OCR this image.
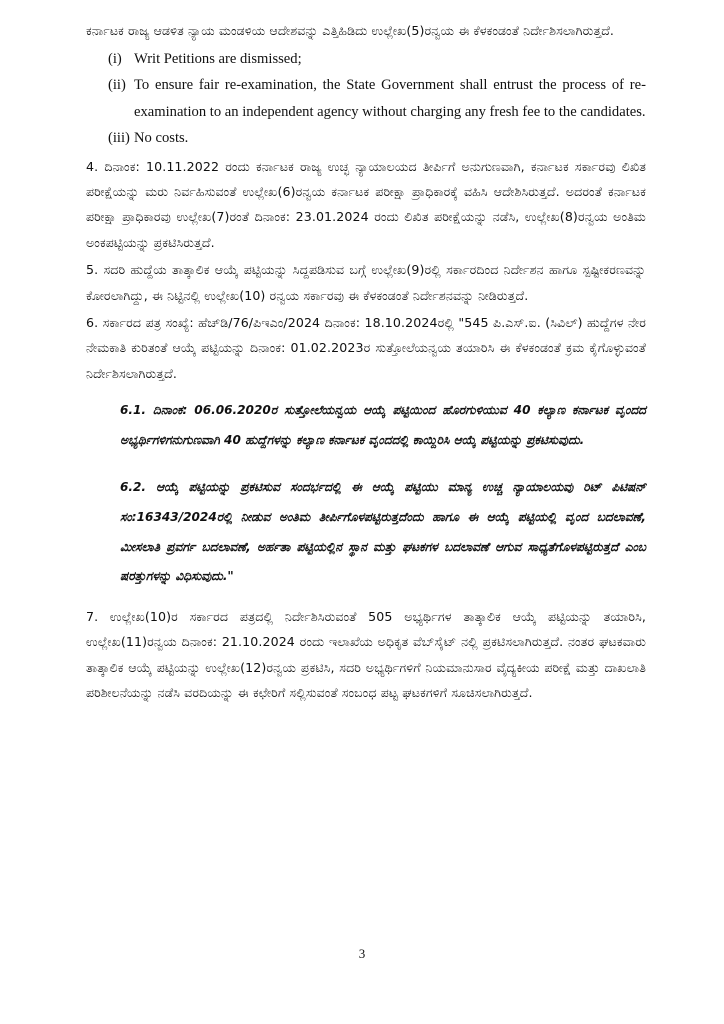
ಕರ್ನಾಟಕ ರಾಜ್ಯ ಆಡಳಿತ ನ್ಯಾಯ ಮಂಡಳಿಯ ಆದೇಶವನ್ನು ಎತ್ತಿಹಿಡಿದು ಉಲ್ಲೇಖ(5)ರನ್ವಯ ಈ ಕೆಳಕಂಡಂತೆ ನಿರ್ದೇಶಿಸಲಾಗಿರುತ್ತದೆ.

(i) Writ Petitions are dismissed;
(ii) To ensure fair re-examination, the State Government shall entrust the process of re-examination to an independent agency without charging any fresh fee to the candidates.
(iii) No costs.

4. ದಿನಾಂಕ: 10.11.2022 ರಂದು ಕರ್ನಾಟಕ ರಾಜ್ಯ ಉಚ್ಛ ನ್ಯಾಯಾಲಯದ ತೀರ್ಪಿಗೆ ಅನುಗುಣವಾಗಿ, ಕರ್ನಾಟಕ ಸರ್ಕಾರವು ಲಿಖಿತ ಪರೀಕ್ಷೆಯನ್ನು ಮರು ನಿರ್ವಹಿಸುವಂತೆ ಉಲ್ಲೇಖ(6)ರನ್ವಯ ಕರ್ನಾಟಕ ಪರೀಕ್ಷಾ ಪ್ರಾಧಿಕಾರಕ್ಕೆ ವಹಿಸಿ ಆದೇಶಿಸಿರುತ್ತದೆ. ಅದರಂತೆ ಕರ್ನಾಟಕ ಪರೀಕ್ಷಾ ಪ್ರಾಧಿಕಾರವು ಉಲ್ಲೇಖ(7)ರಂತೆ ದಿನಾಂಕ: 23.01.2024 ರಂದು ಲಿಖಿತ ಪರೀಕ್ಷೆಯನ್ನು ನಡೆಸಿ, ಉಲ್ಲೇಖ(8)ರನ್ವಯ ಅಂತಿಮ ಅಂಕಪಟ್ಟಿಯನ್ನು ಪ್ರಕಟಿಸಿರುತ್ತದೆ.

5. ಸದರಿ ಹುದ್ದೆಯ ತಾತ್ಕಾಲಿಕ ಆಯ್ಕೆ ಪಟ್ಟಿಯನ್ನು ಸಿದ್ದಪಡಿಸುವ ಬಗ್ಗೆ ಉಲ್ಲೇಖ(9)ರಲ್ಲಿ ಸರ್ಕಾರದಿಂದ ನಿರ್ದೇಶನ ಹಾಗೂ ಸ್ಪಷ್ಟೀಕರಣವನ್ನು ಕೋರಲಾಗಿದ್ದು, ಈ ನಿಟ್ಟಿನಲ್ಲಿ ಉಲ್ಲೇಖ(10) ರನ್ವಯ ಸರ್ಕಾರವು ಈ ಕೆಳಕಂಡಂತೆ ನಿರ್ದೇಶನವನ್ನು ನೀಡಿರುತ್ತದೆ.

6. ಸರ್ಕಾರದ ಪತ್ರ ಸಂಖ್ಯೆ: ಹೆಚ್‌ಡಿ/76/ಪಿಇಎಂ/2024 ದಿನಾಂಕ: 18.10.2024ರಲ್ಲಿ "545 ಪಿ.ಎಸ್.ಐ. (ಸಿವಿಲ್) ಹುದ್ದೆಗಳ ನೇರ ನೇಮಕಾತಿ ಕುರಿತಂತೆ ಆಯ್ಕೆ ಪಟ್ಟಿಯನ್ನು ದಿನಾಂಕ: 01.02.2023ರ ಸುತ್ತೋಲೆಯನ್ವಯ ತಯಾರಿಸಿ ಈ ಕೆಳಕಂಡಂತೆ ಕ್ರಮ ಕೈಗೊಳ್ಳುವಂತೆ ನಿರ್ದೇಶಿಸಲಾಗಿರುತ್ತದೆ.

6.1. ದಿನಾಂಕ: 06.06.2020ರ ಸುತ್ತೋಲೆಯನ್ವಯ ಆಯ್ಕೆ ಪಟ್ಟಿಯಿಂದ ಹೊರಗುಳಿಯುವ 40 ಕಲ್ಯಾಣ ಕರ್ನಾಟಕ ವೃಂದದ ಅಭ್ಯರ್ಥಿಗಳಿಗನುಗುಣವಾಗಿ 40 ಹುದ್ದೆಗಳನ್ನು ಕಲ್ಯಾಣ ಕರ್ನಾಟಕ ವೃಂದದಲ್ಲಿ ಕಾಯ್ದಿರಿಸಿ ಆಯ್ಕೆ ಪಟ್ಟಿಯನ್ನು ಪ್ರಕಟಿಸುವುದು.

6.2. ಆಯ್ಕೆ ಪಟ್ಟಿಯನ್ನು ಪ್ರಕಟಿಸುವ ಸಂದರ್ಭದಲ್ಲಿ ಈ ಆಯ್ಕೆ ಪಟ್ಟಿಯು ಮಾನ್ಯ ಉಚ್ಚ ನ್ಯಾಯಾಲಯವು ರಿಟ್ ಪಿಟಿಷನ್ ಸಂ:16343/2024ರಲ್ಲಿ ನೀಡುವ ಅಂತಿಮ ತೀರ್ಪಿಗೊಳಪಟ್ಟಿರುತ್ತದೆಂದು ಹಾಗೂ ಈ ಆಯ್ಕೆ ಪಟ್ಟಿಯಲ್ಲಿ ವೃಂದ ಬದಲಾವಣೆ, ಮೀಸಲಾತಿ ಪ್ರವರ್ಗ ಬದಲಾವಣೆ, ಅರ್ಹತಾ ಪಟ್ಟಿಯಲ್ಲಿನ ಸ್ಥಾನ ಮತ್ತು ಘಟಕಗಳ ಬದಲಾವಣೆ ಆಗುವ ಸಾಧ್ಯತೆಗೊಳಪಟ್ಟಿರುತ್ತದೆ ಎಂಬ ಷರತ್ತುಗಳನ್ನು ವಿಧಿಸುವುದು."

7. ಉಲ್ಲೇಖ(10)ರ ಸರ್ಕಾರದ ಪತ್ರದಲ್ಲಿ ನಿರ್ದೇಶಿಸಿರುವಂತೆ 505 ಅಭ್ಯರ್ಥಿಗಳ ತಾತ್ಕಾಲಿಕ ಆಯ್ಕೆ ಪಟ್ಟಿಯನ್ನು ತಯಾರಿಸಿ, ಉಲ್ಲೇಖ(11)ರನ್ವಯ ದಿನಾಂಕ: 21.10.2024 ರಂದು ಇಲಾಖೆಯ ಅಧಿಕೃತ ವೆಬ್‌ಸೈಟ್ ನಲ್ಲಿ ಪ್ರಕಟಿಸಲಾಗಿರುತ್ತದೆ. ನಂತರ ಘಟಕವಾರು ತಾತ್ಕಾಲಿಕ ಆಯ್ಕೆ ಪಟ್ಟಿಯನ್ನು ಉಲ್ಲೇಖ(12)ರನ್ವಯ ಪ್ರಕಟಿಸಿ, ಸದರಿ ಅಭ್ಯರ್ಥಿಗಳಿಗೆ ನಿಯಮಾನುಸಾರ ವೈದ್ಯಕೀಯ ಪರೀಕ್ಷೆ ಮತ್ತು ದಾಖಲಾತಿ ಪರಿಶೀಲನೆಯನ್ನು ನಡೆಸಿ ವರದಿಯನ್ನು ಈ ಕಛೇರಿಗೆ ಸಲ್ಲಿಸುವಂತೆ ಸಂಬಂಧ ಪಟ್ಟ ಘಟಕಗಳಿಗೆ ಸೂಚಿಸಲಾಗಿರುತ್ತದೆ.

3
